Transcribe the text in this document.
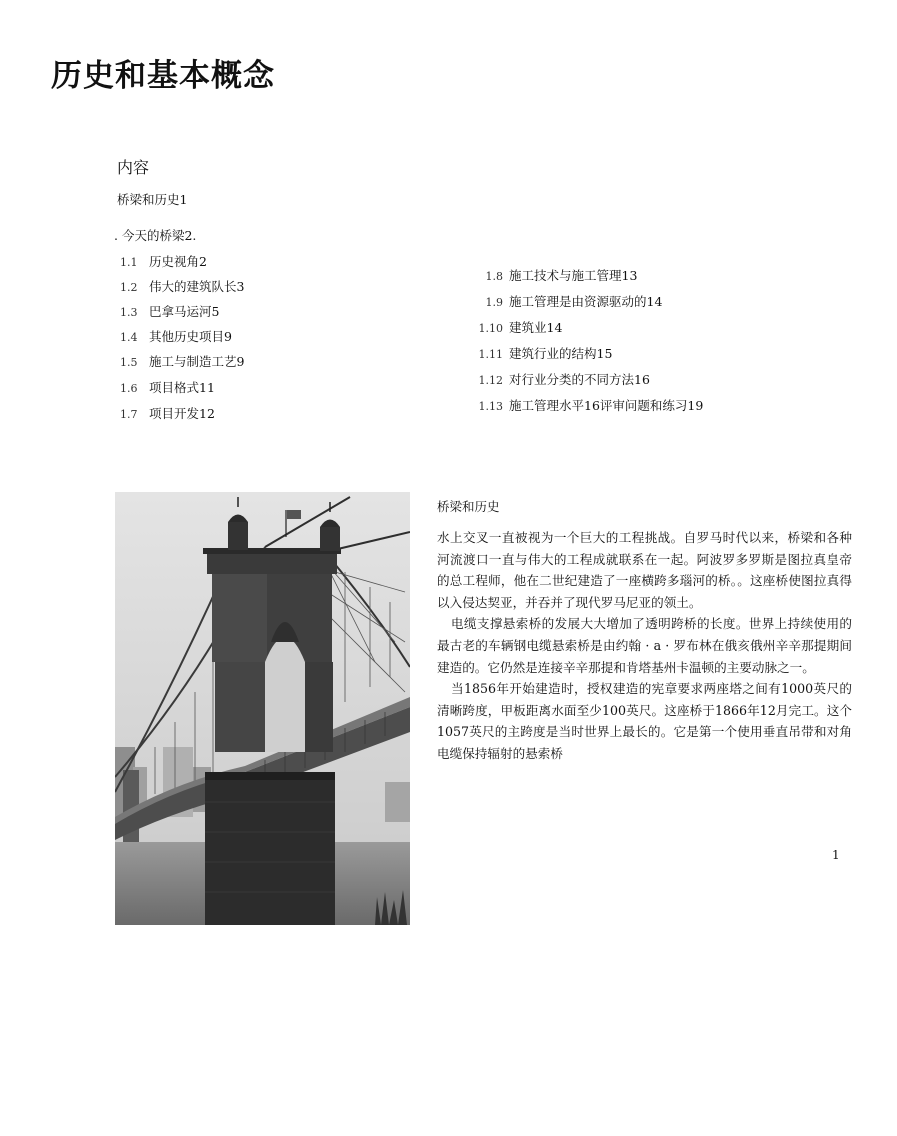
历史和基本概念
内容
桥梁和历史1
. 今天的桥梁2.
1.1 历史视角2
1.2 伟大的建筑队长3
1.3 巴拿马运河5
1.4 其他历史项目9
1.5 施工与制造工艺9
1.6 项目格式11
1.7 项目开发12
1.8 施工技术与施工管理13
1.9 施工管理是由资源驱动的14
1.10 建筑业14
1.11 建筑行业的结构15
1.12 对行业分类的不同方法16
1.13 施工管理水平16评审问题和练习19
桥梁和历史

水上交叉一直被视为一个巨大的工程挑战。自罗马时代以来，桥梁和各种河流渡口一直与伟大的工程成就联系在一起。阿波罗多罗斯是图拉真皇帝的总工程师，他在二世纪建造了一座横跨多瑙河的桥。。这座桥使图拉真得以入侵达契亚，并吞并了现代罗马尼亚的领土。

电缆支撑悬索桥的发展大大增加了透明跨桥的长度。世界上持续使用的最古老的车辆钢电缆悬索桥是由约翰 · a · 罗布林在俄亥俄州辛辛那提期间建造的。它仍然是连接辛辛那提和肯塔基州卡温顿的主要动脉之一。

当1856年开始建造时，授权建造的宪章要求两座塔之间有1000英尺的清晰跨度，甲板距离水面至少100英尺。这座桥于1866年12月完工。这个1057英尺的主跨度是当时世界上最长的。它是第一个使用垂直吊带和对角电缆保持辐射的悬索桥

1
